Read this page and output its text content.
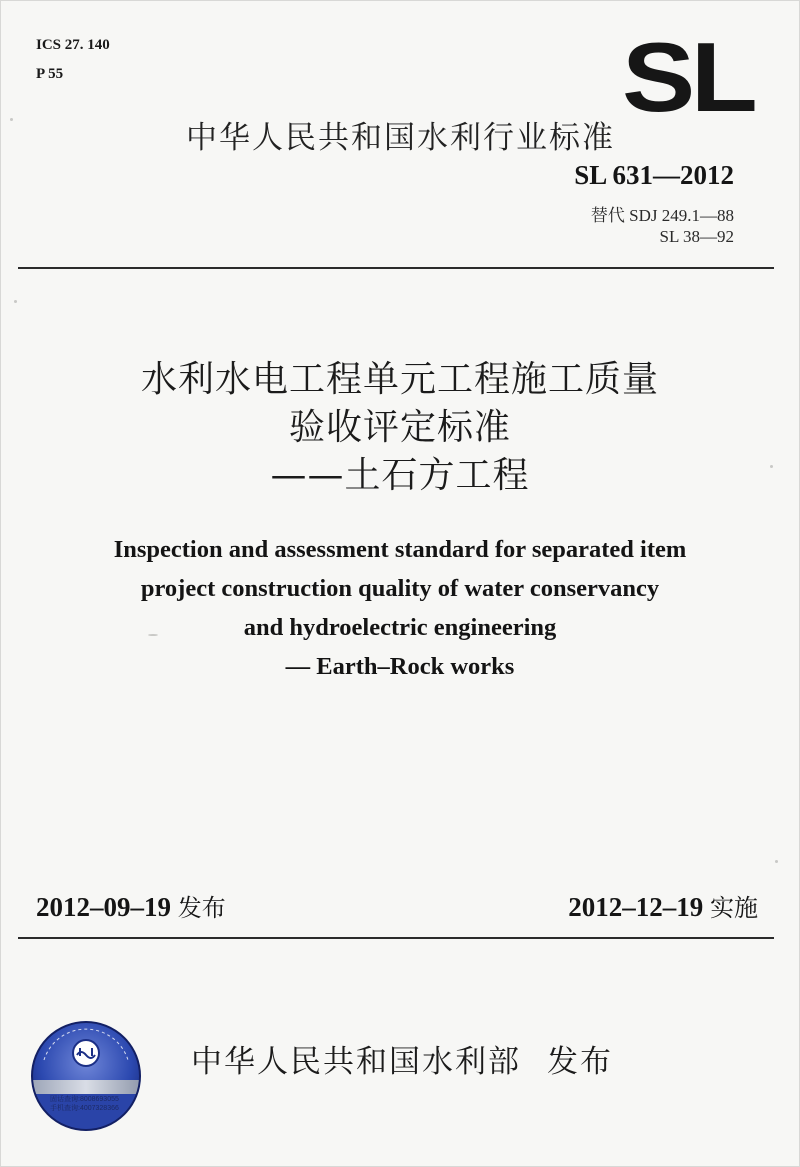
ICS 27. 140
P 55	SL
中华人民共和国水利行业标准
SL 631—2012
替代 SDJ 249.1—88
SL 38—92
水利水电工程单元工程施工质量
验收评定标准
——土石方工程
Inspection and assessment standard for separated item
project construction quality of water conservancy
and hydroelectric engineering
— Earth–Rock works
2012–09–19 发布	2012–12–19 实施
固话查询:8008693055
手机查询:4007328366
中华人民共和国水利部 发布
